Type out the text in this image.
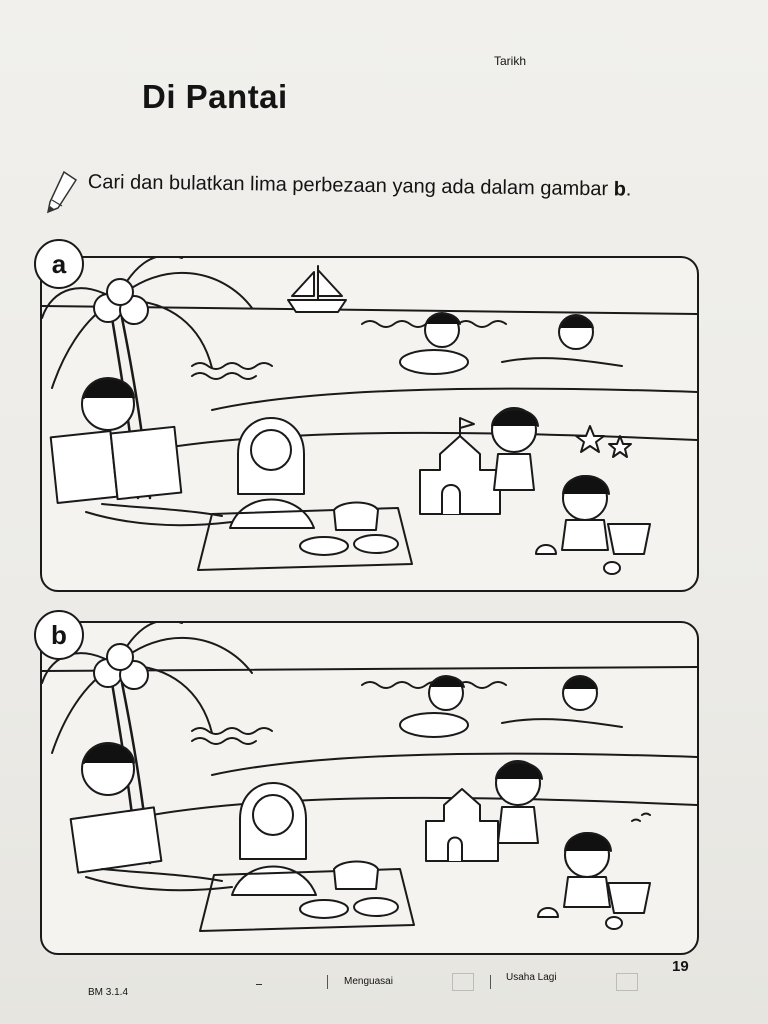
Tarikh
Di Pantai
Cari dan bulatkan lima perbezaan yang ada dalam gambar b.
a
b
BM 3.1.4
Menguasai	Usaha Lagi
19
